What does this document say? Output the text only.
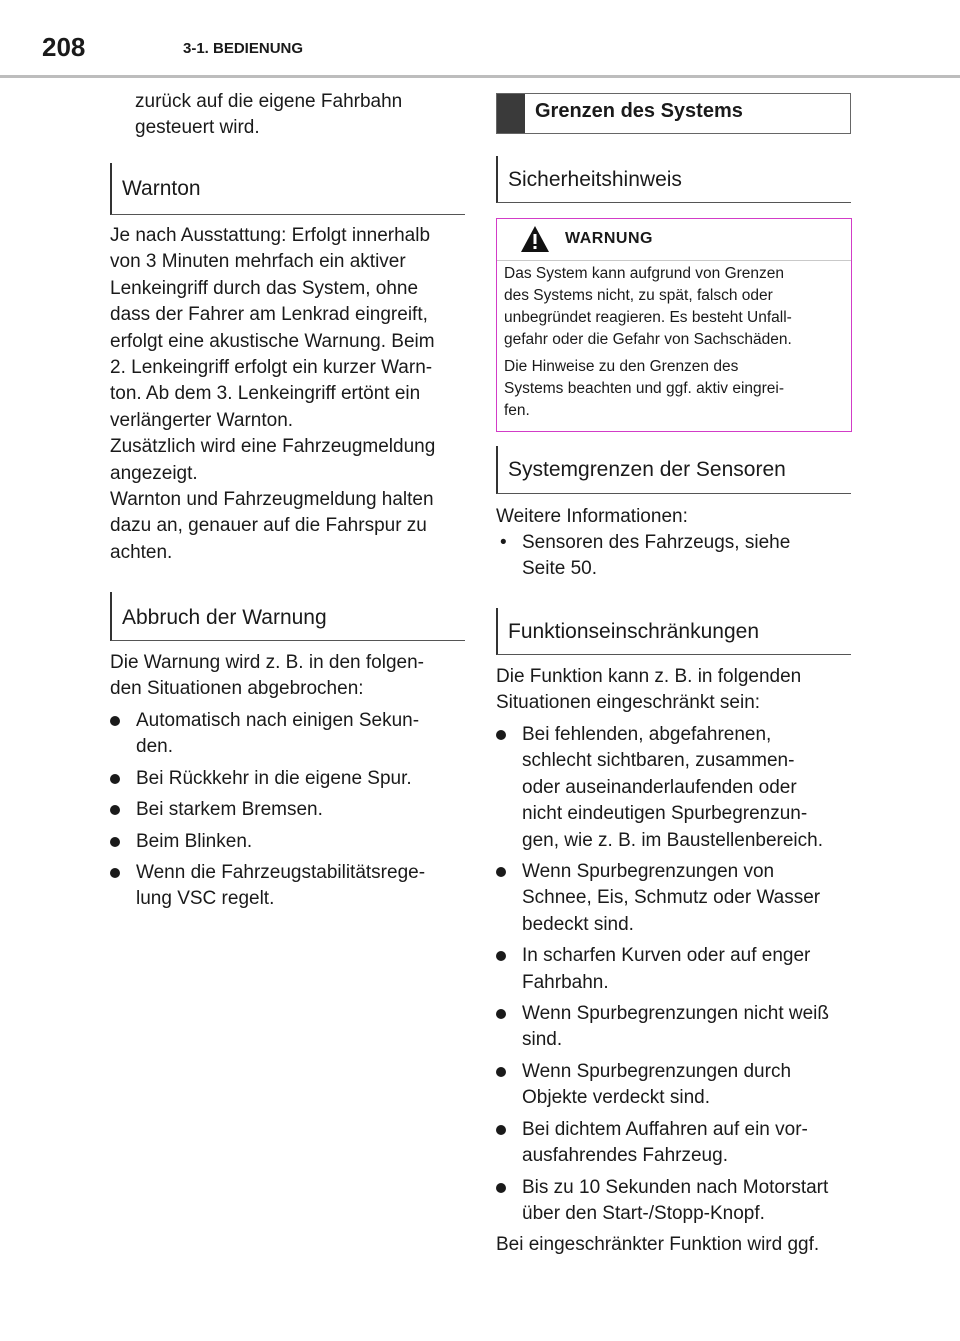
208	3-1. BEDIENUNG

zurück auf die eigene Fahrbahn
gesteuert wird.

Warnton

Je nach Ausstattung: Erfolgt innerhalb
von 3 Minuten mehrfach ein aktiver
Lenkeingriff durch das System, ohne
dass der Fahrer am Lenkrad eingreift,
erfolgt eine akustische Warnung. Beim
2. Lenkeingriff erfolgt ein kurzer Warn-
ton. Ab dem 3. Lenkeingriff ertönt ein
verlängerter Warnton.
Zusätzlich wird eine Fahrzeugmeldung
angezeigt.
Warnton und Fahrzeugmeldung halten
dazu an, genauer auf die Fahrspur zu
achten.

Abbruch der Warnung

Die Warnung wird z. B. in den folgen-
den Situationen abgebrochen:

Automatisch nach einigen Sekun-
den.
Bei Rückkehr in die eigene Spur.
Bei starkem Bremsen.
Beim Blinken.
Wenn die Fahrzeugstabilitätsrege-
lung VSC regelt.
Grenzen des Systems
Sicherheitshinweis
WARNUNG
Das System kann aufgrund von Grenzen
des Systems nicht, zu spät, falsch oder
unbegründet reagieren. Es besteht Unfall-
gefahr oder die Gefahr von Sachschäden.
Die Hinweise zu den Grenzen des
Systems beachten und ggf. aktiv eingrei-
fen.
Systemgrenzen der Sensoren

Weitere Informationen:

• Sensoren des Fahrzeugs, siehe
Seite 50.
Funktionseinschränkungen

Die Funktion kann z. B. in folgenden
Situationen eingeschränkt sein:

Bei fehlenden, abgefahrenen,
schlecht sichtbaren, zusammen-
oder auseinanderlaufenden oder
nicht eindeutigen Spurbegrenzun-
gen, wie z. B. im Baustellenbereich.
Wenn Spurbegrenzungen von
Schnee, Eis, Schmutz oder Wasser
bedeckt sind.
In scharfen Kurven oder auf enger
Fahrbahn.
Wenn Spurbegrenzungen nicht weiß
sind.
Wenn Spurbegrenzungen durch
Objekte verdeckt sind.
Bei dichtem Auffahren auf ein vor-
ausfahrendes Fahrzeug.
Bis zu 10 Sekunden nach Motorstart
über den Start-/Stopp-Knopf.

Bei eingeschränkter Funktion wird ggf.
